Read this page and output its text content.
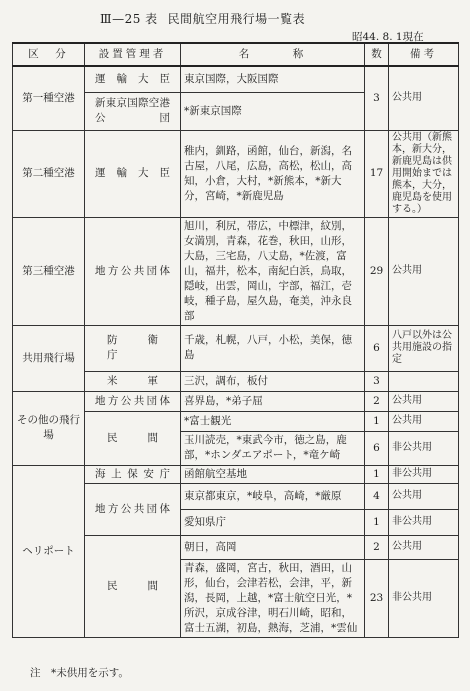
Ⅲ—25 表 民間航空用飛行場一覧表
昭44. 8. 1現在
区　分	設置管理者	名　　　称	数	備考
第一種空港	運　輸　大　臣	東京国際，大阪国際	3	公共用
	新東京国際空港公団	*新東京国際		
第二種空港	運　輸　大　臣	稚内，釧路，函館，仙台，新潟，名古屋，八尾，広島，高松，松山，高知，小倉，大村，*新熊本，*新大分，宮崎，*新鹿児島	17	公共用（新熊本，新大分，新鹿児島は供用開始までは熊本，大分，鹿児島を使用する。）
第三種空港	地方公共団体	旭川，利尻，帯広，中標津，紋別，女満別，青森，花巻，秋田，山形，大島，三宅島，八丈島，*佐渡，富山，福井，松本，南紀白浜，鳥取，隠岐，出雲，岡山，宇部，福江，壱岐，種子島，屋久島，奄美，沖永良部	29	公共用
共用飛行場	防　衛　庁	千歳，札幌，八戸，小松，美保，徳島	6	八戸以外は公共用施設の指定
	米　軍	三沢，調布，板付	3	
その他の飛行場	地方公共団体	喜界島，*弟子屈	2	公共用
	民　間	*富士観光	1	公共用
		玉川読売，*東武今市，徳之島，鹿部，*ホンダエアポート，*竜ケ崎	6	非公共用
ヘリポート	海上保安庁	函館航空基地	1	非公共用
	地方公共団体	東京都東京，*岐阜，高崎，*厳原	4	公共用
		愛知県庁	1	非公共用
	民　間	朝日，高岡	2	公共用
		青森，盛岡，宮古，秋田，酒田，山形，仙台，会津若松，会津，平，新潟，長岡，上越，*富士航空日光，*所沢，京成谷津，明石川崎，昭和，富士五湖，初島，熱海，芝浦，*雲仙	23	非公共用
注　*未供用を示す。
